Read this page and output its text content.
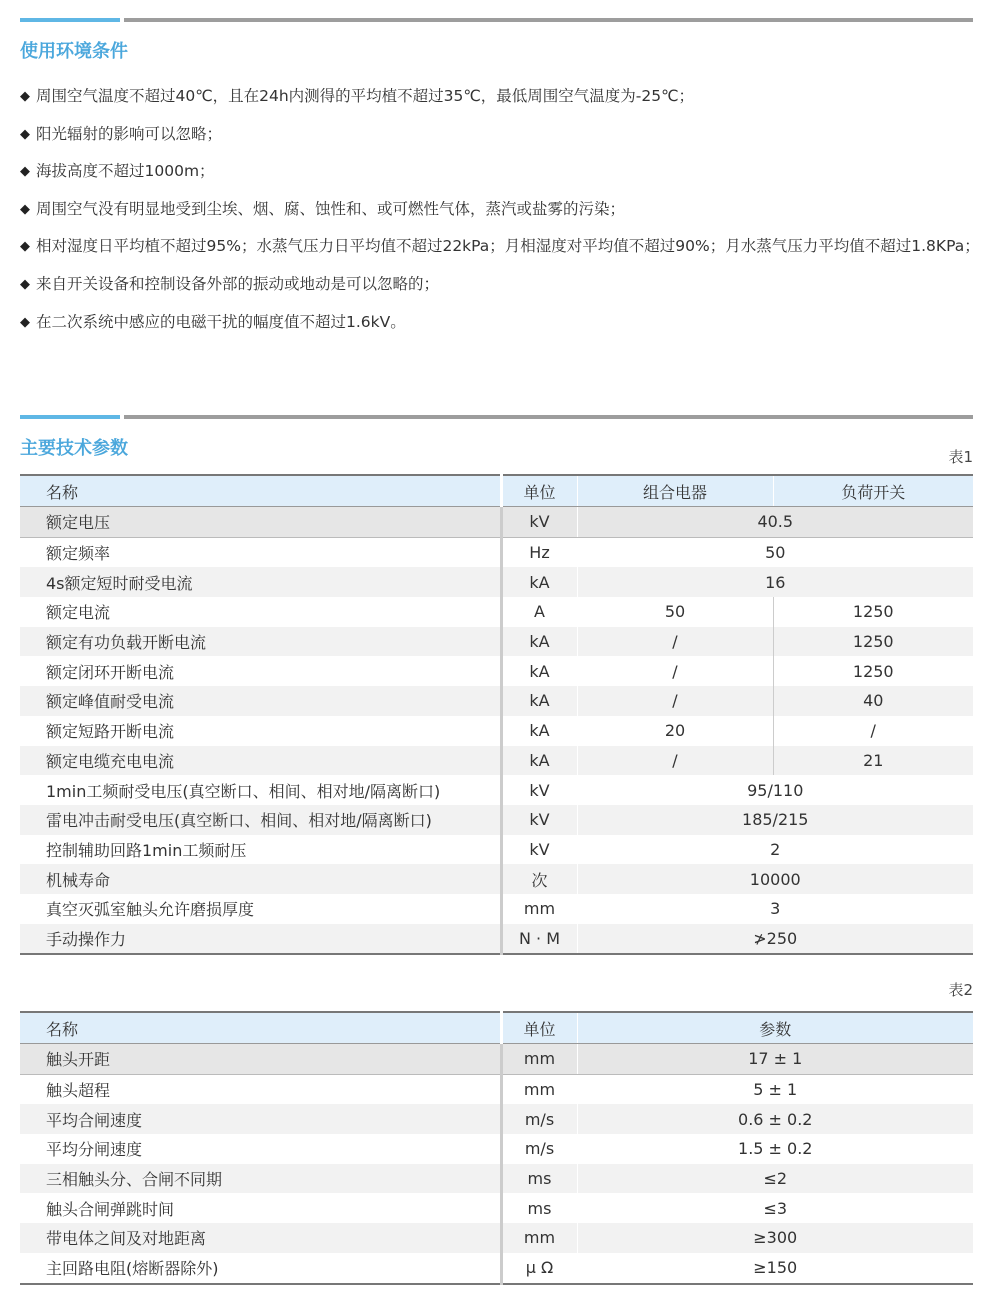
使用环境条件
◆ 周围空气温度不超过40℃，且在24h内测得的平均植不超过35℃，最低周围空气温度为-25℃；
◆ 阳光辐射的影响可以忽略；
◆ 海拔高度不超过1000m；
◆ 周围空气没有明显地受到尘埃、烟、腐、蚀性和、或可燃性气体，蒸汽或盐雾的污染；
◆ 相对湿度日平均植不超过95%；水蒸气压力日平均值不超过22kPa；月相湿度对平均值不超过90%；月水蒸气压力平均值不超过1.8KPa；
◆ 来自开关设备和控制设备外部的振动或地动是可以忽略的；
◆ 在二次系统中感应的电磁干扰的幅度值不超过1.6kV。
主要技术参数	表1
名称	单位	组合电器	负荷开关
额定电压	kV	40.5	
额定频率	Hz	50	
4s额定短时耐受电流	kA	16	
额定电流	A	50	1250
额定有功负载开断电流	kA	/	1250
额定闭环开断电流	kA	/	1250
额定峰值耐受电流	kA	/	40
额定短路开断电流	kA	20	/
额定电缆充电电流	kA	/	21
1min工频耐受电压(真空断口、相间、相对地/隔离断口)	kV	95/110	
雷电冲击耐受电压(真空断口、相间、相对地/隔离断口)	kV	185/215	
控制辅助回路1min工频耐压	kV	2	
机械寿命	次	10000	
真空灭弧室触头允许磨损厚度	mm	3	
手动操作力	N · M	≯250	
表2
名称	单位	参数
触头开距	mm	17 ± 1
触头超程	mm	5 ± 1
平均合闸速度	m/s	0.6 ± 0.2
平均分闸速度	m/s	1.5 ± 0.2
三相触头分、合闸不同期	ms	≤2
触头合闸弹跳时间	ms	≤3
带电体之间及对地距离	mm	≥300
主回路电阻(熔断器除外)	μ Ω	≥150
